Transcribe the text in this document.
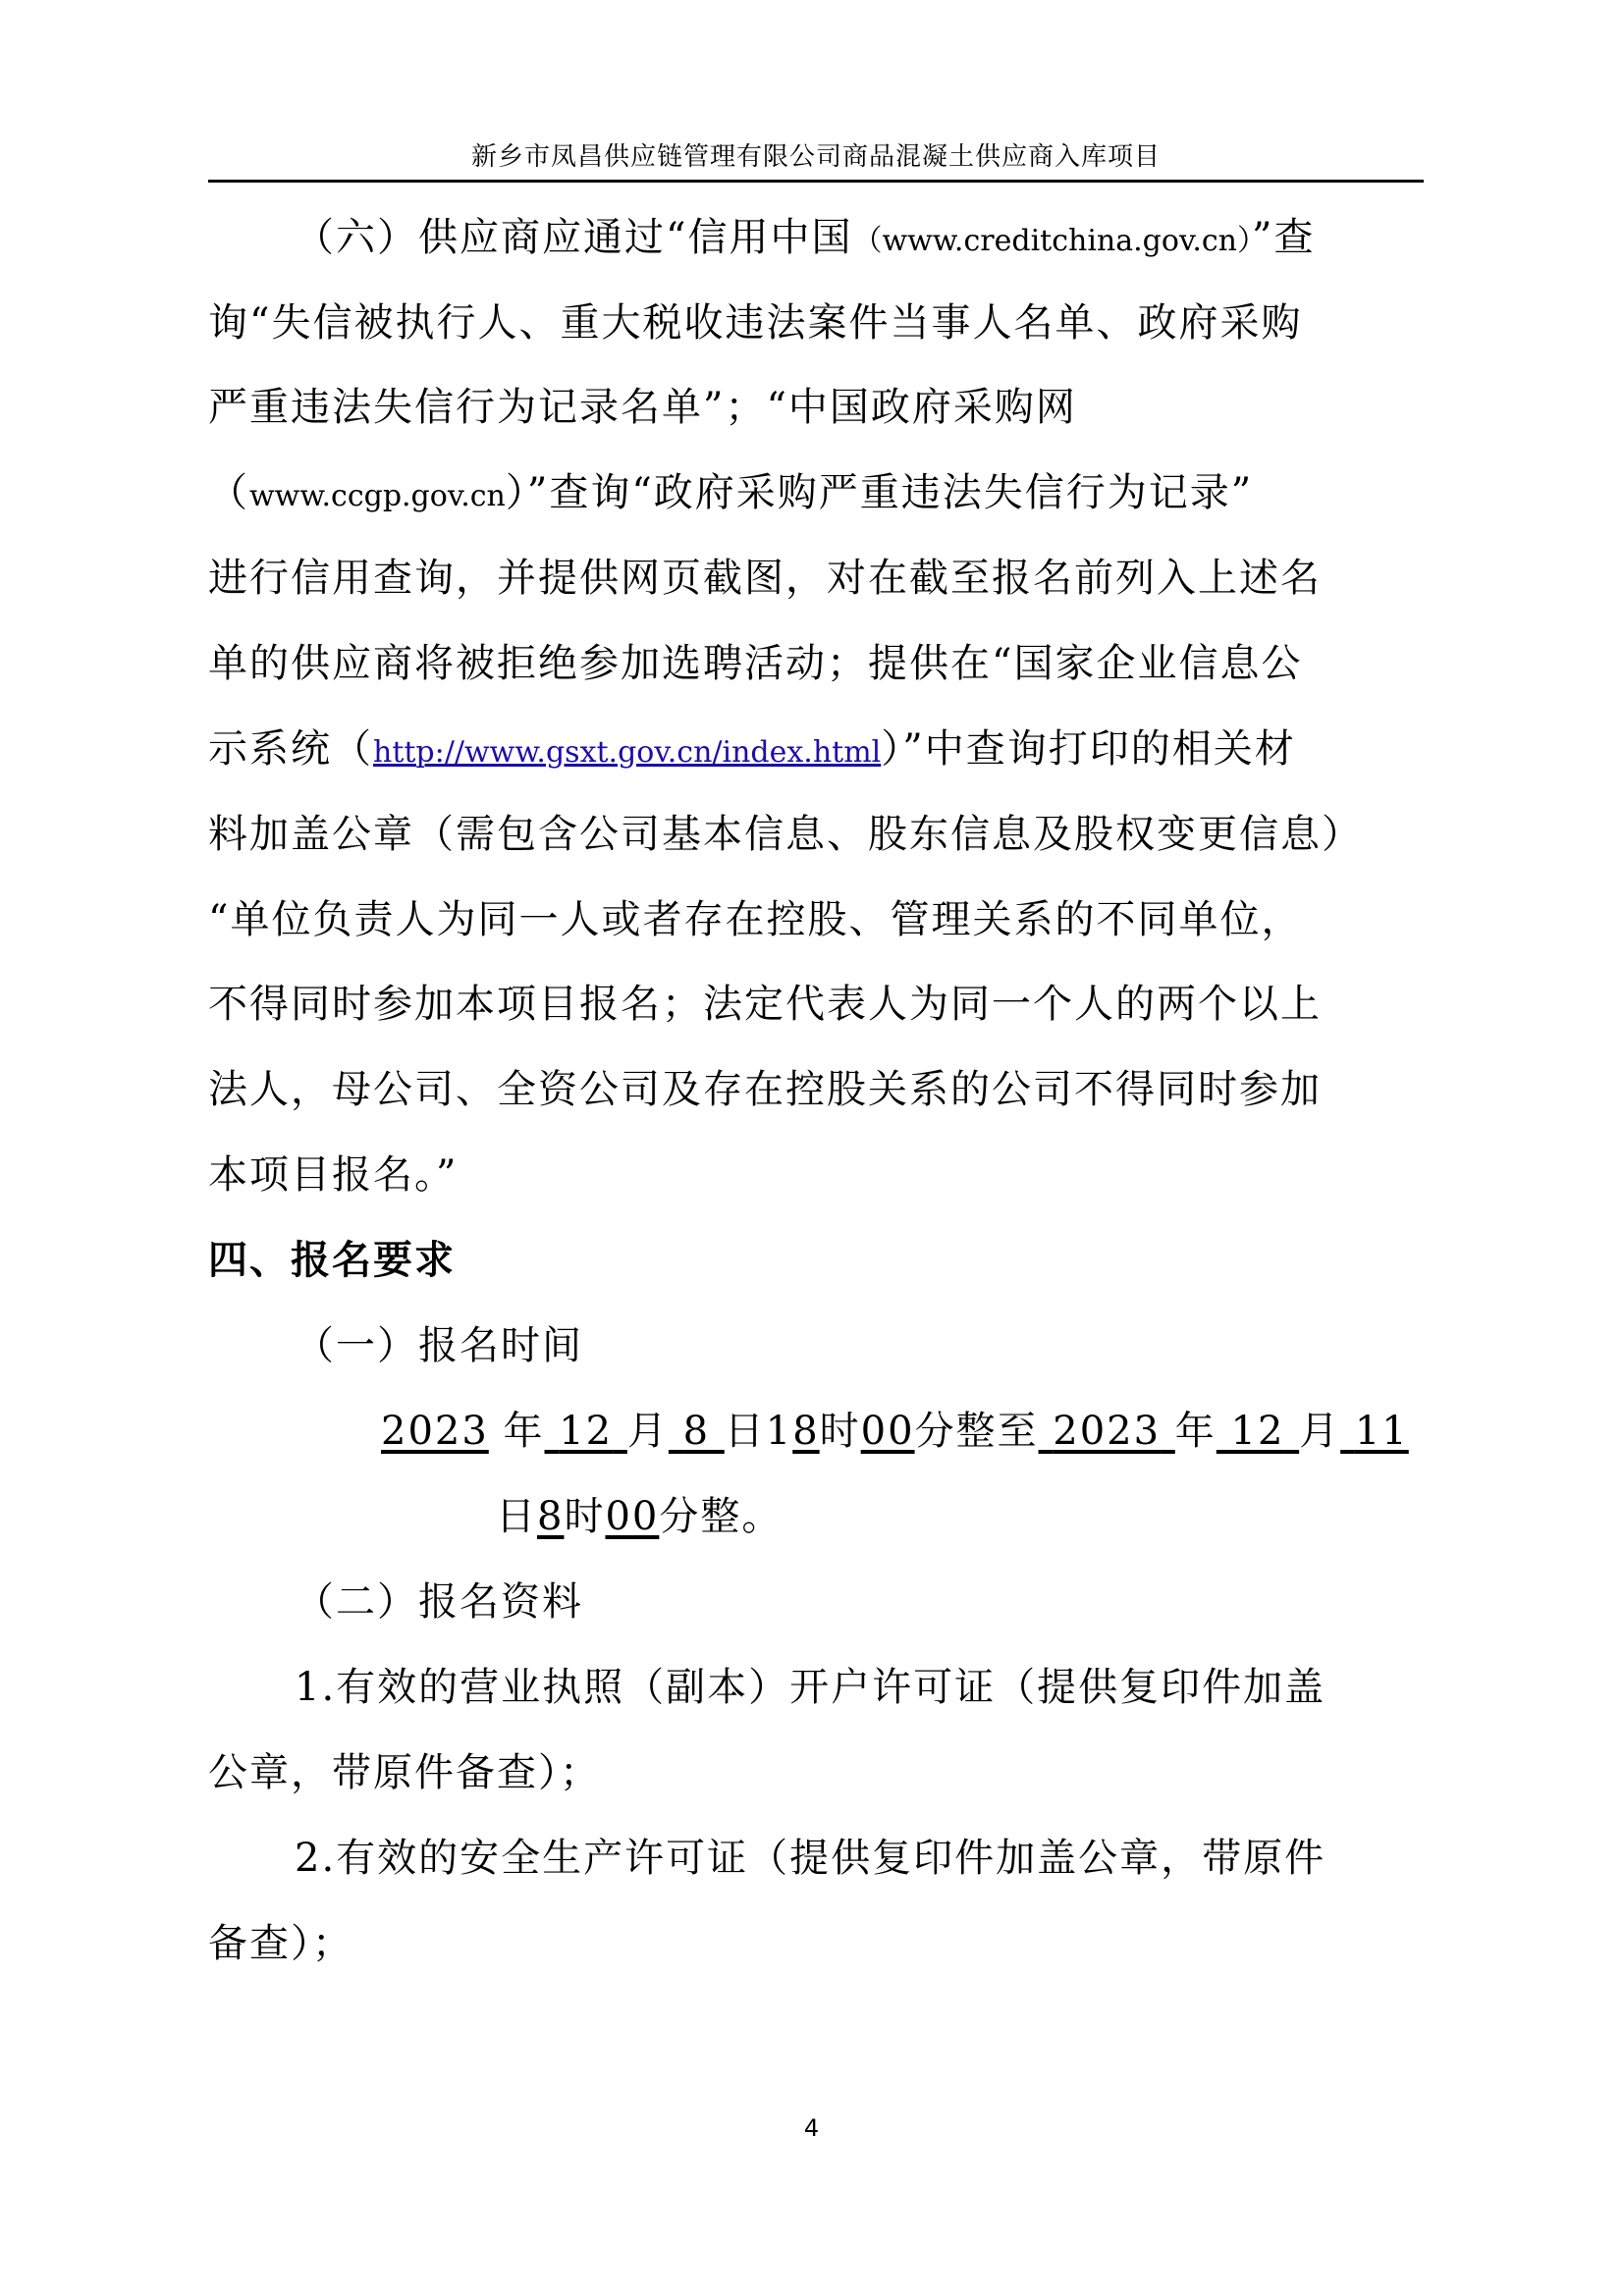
新乡市凤昌供应链管理有限公司商品混凝土供应商入库项目
（六）供应商应通过“信用中国（www.creditchina.gov.cn）”查
询“失信被执行人、重大税收违法案件当事人名单、政府采购
严重违法失信行为记录名单”；“中国政府采购网
（www.ccgp.gov.cn）”查询“政府采购严重违法失信行为记录”
进行信用查询，并提供网页截图，对在截至报名前列入上述名
单的供应商将被拒绝参加选聘活动；提供在“国家企业信息公
示系统（http://www.gsxt.gov.cn/index.html）”中查询打印的相关材
料加盖公章（需包含公司基本信息、股东信息及股权变更信息）
“单位负责人为同一人或者存在控股、管理关系的不同单位，
不得同时参加本项目报名；法定代表人为同一个人的两个以上
法人，母公司、全资公司及存在控股关系的公司不得同时参加
本项目报名。”
四、报名要求
（一）报名时间
2023 年 12 月 8 日18时00分整至 2023 年 12 月 11
日8时00分整。
（二）报名资料
1.有效的营业执照（副本）开户许可证（提供复印件加盖
公章，带原件备查）；
2.有效的安全生产许可证（提供复印件加盖公章，带原件
备查）；
4
